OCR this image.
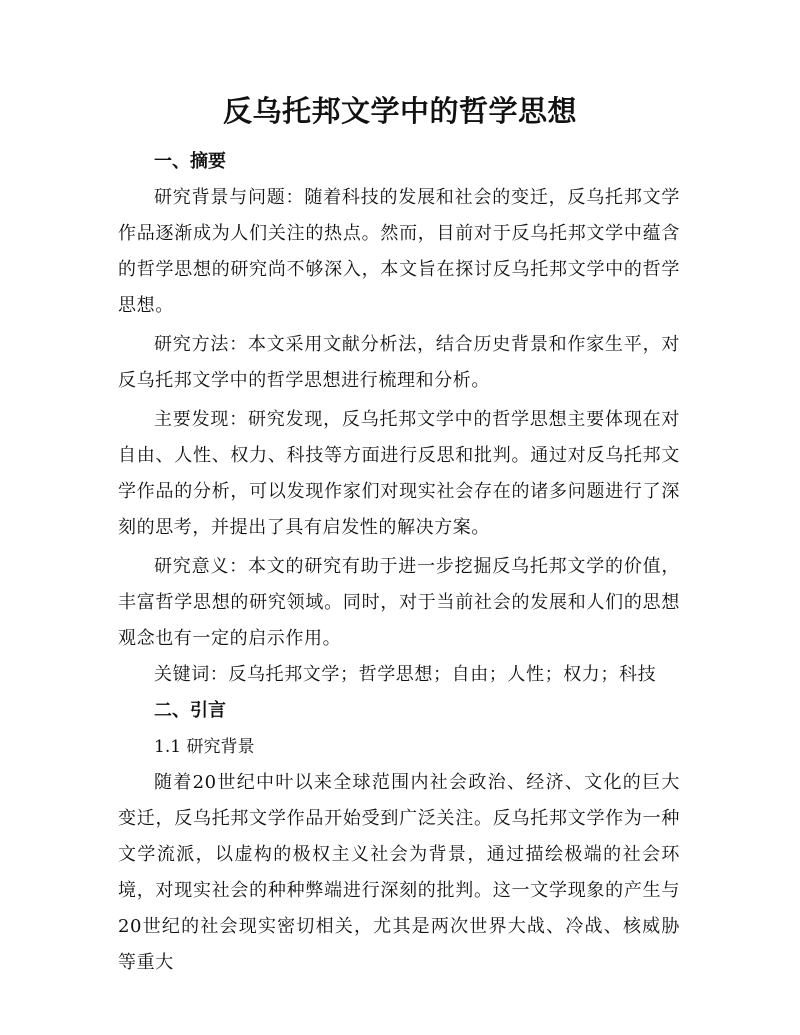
反乌托邦文学中的哲学思想

一、摘要

研究背景与问题：随着科技的发展和社会的变迁，反乌托邦文学作品逐渐成为人们关注的热点。然而，目前对于反乌托邦文学中蕴含的哲学思想的研究尚不够深入，本文旨在探讨反乌托邦文学中的哲学思想。

研究方法：本文采用文献分析法，结合历史背景和作家生平，对反乌托邦文学中的哲学思想进行梳理和分析。

主要发现：研究发现，反乌托邦文学中的哲学思想主要体现在对自由、人性、权力、科技等方面进行反思和批判。通过对反乌托邦文学作品的分析，可以发现作家们对现实社会存在的诸多问题进行了深刻的思考，并提出了具有启发性的解决方案。

研究意义：本文的研究有助于进一步挖掘反乌托邦文学的价值，丰富哲学思想的研究领域。同时，对于当前社会的发展和人们的思想观念也有一定的启示作用。

关键词：反乌托邦文学；哲学思想；自由；人性；权力；科技

二、引言

1.1 研究背景

随着20世纪中叶以来全球范围内社会政治、经济、文化的巨大变迁，反乌托邦文学作品开始受到广泛关注。反乌托邦文学作为一种文学流派，以虚构的极权主义社会为背景，通过描绘极端的社会环境，对现实社会的种种弊端进行深刻的批判。这一文学现象的产生与20世纪的社会现实密切相关，尤其是两次世界大战、冷战、核威胁等重大
